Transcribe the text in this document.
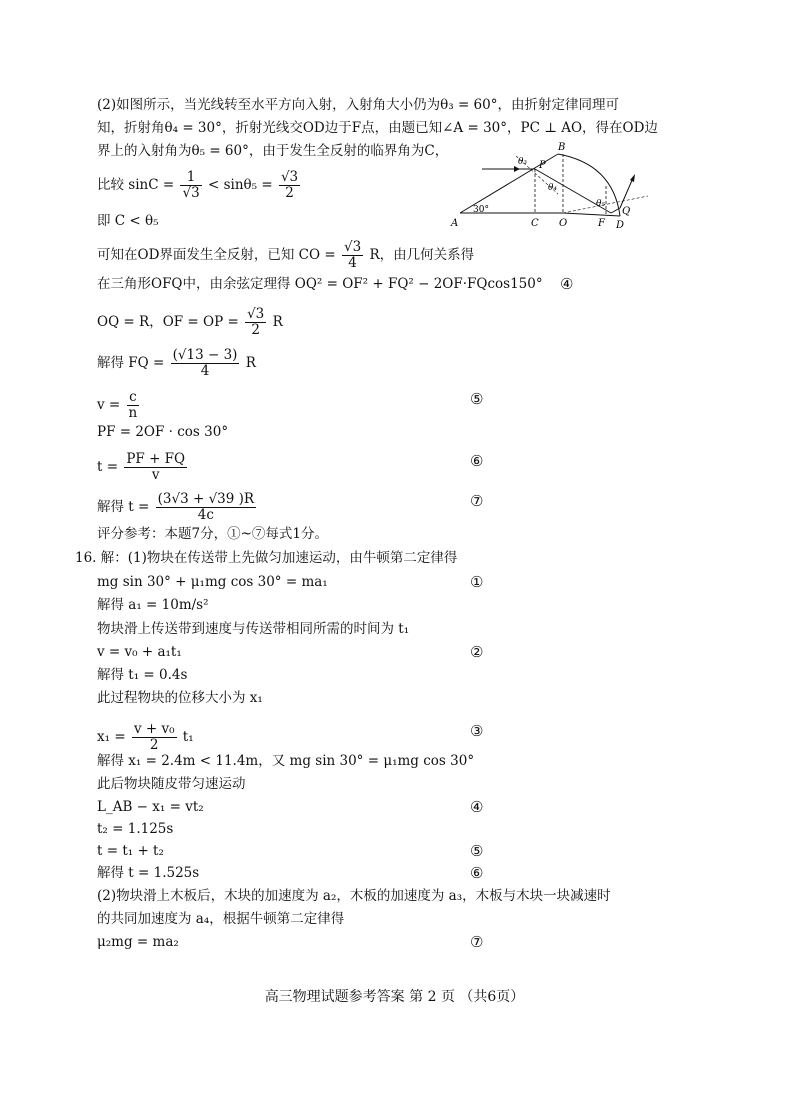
(2)如图所示，当光线转至水平方向入射，入射角大小仍为θ₃ = 60°，由折射定律同理可
知，折射角θ₄ = 30°，折射光线交OD边于F点，由题已知∠A = 30°，PC ⊥ AO，得在OD边
界上的入射角为θ₅ = 60°，由于发生全反射的临界角为C，
比较 $\sin C = \frac{1}{√3} < \sin\theta_5 = \frac{√3}{2}$
即 C < θ₅
可知在OD界面发生全反射，已知 CO = $\frac{√3}{4}$ R，由几何关系得
在三角形OFQ中，由余弦定理得 OQ² = OF² + FQ² − 2OF·FQcos150° ④
OQ = R，OF = OP = $\frac{√3}{2}$ R
解得 FQ = $\frac{(√13 - 3)}{4}$ R
$v = \frac{c}{n}$	⑤
PF = 2OF · cos 30°
$t = \frac{PF + FQ}{v}$	⑥
解得 $t = \frac{(3√3 + √39 )R}{4c}$	⑦
评分参考：本题7分，①~⑦每式1分。
16. 解：(1)物块在传送带上先做匀加速运动，由牛顿第二定律得
mg sin 30° + μ₁mg cos 30° = ma₁	①
解得 a₁ = 10m/s²
物块滑上传送带到速度与传送带相同所需的时间为 t₁
v = v₀ + a₁t₁	②
解得 t₁ = 0.4s
此过程物块的位移大小为 x₁
$x_1 = \frac{\text{v + v₀}}{2} t_1$	③
解得 x₁ = 2.4m < 11.4m，又 mg sin 30° = μ₁mg cos 30°
此后物块随皮带匀速运动
L_AB − x₁ = vt₂	④
t₂ = 1.125s
t = t₁ + t₂	⑤
解得 t = 1.525s	⑥
(2)物块滑上木板后，木块的加速度为 a₂，木板的加速度为 a₃，木板与木块一块减速时
的共同加速度为 a₄，根据牛顿第二定律得
μ₂mg = ma₂	⑦
A
30°
C O	F D
B
P
Q
θ₃
θ₄
θ₅
高三物理试题参考答案 第 2 页 （共6页）
